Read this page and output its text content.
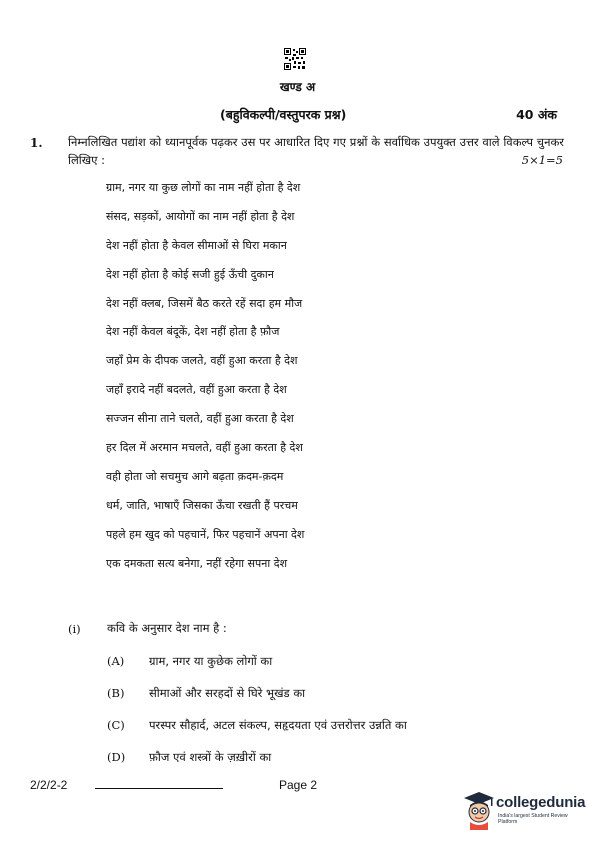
खण्ड अ
(बहुविकल्पी/वस्तुपरक प्रश्न)	40 अंक
1. निम्नलिखित पद्यांश को ध्यानपूर्वक पढ़कर उस पर आधारित दिए गए प्रश्नों के सर्वाधिक उपयुक्त उत्तर वाले विकल्प चुनकर लिखिए :	5×1=5
ग्राम, नगर या कुछ लोगों का नाम नहीं होता है देश
संसद, सड़कों, आयोगों का नाम नहीं होता है देश
देश नहीं होता है केवल सीमाओं से घिरा मकान
देश नहीं होता है कोई सजी हुई ऊँची दुकान
देश नहीं क्लब, जिसमें बैठ करते रहें सदा हम मौज
देश नहीं केवल बंदूकें, देश नहीं होता है फ़ौज
जहाँ प्रेम के दीपक जलते, वहीं हुआ करता है देश
जहाँ इरादे नहीं बदलते, वहीं हुआ करता है देश
सज्जन सीना ताने चलते, वहीं हुआ करता है देश
हर दिल में अरमान मचलते, वहीं हुआ करता है देश
वही होता जो सचमुच आगे बढ़ता क़दम-क़दम
धर्म, जाति, भाषाएँ जिसका ऊँचा रखती हैं परचम
पहले हम खुद को पहचानें, फिर पहचानें अपना देश
एक दमकता सत्य बनेगा, नहीं रहेगा सपना देश
(i) कवि के अनुसार देश नाम है :
(A) ग्राम, नगर या कुछेक लोगों का
(B) सीमाओं और सरहदों से घिरे भूखंड का
(C) परस्पर सौहार्द, अटल संकल्प, सहृदयता एवं उत्तरोत्तर उन्नति का
(D) फ़ौज एवं शस्त्रों के ज़ख़ीरों का
2/2/2-2	Page 2
collegedunia
India's largest Student Review Platform
